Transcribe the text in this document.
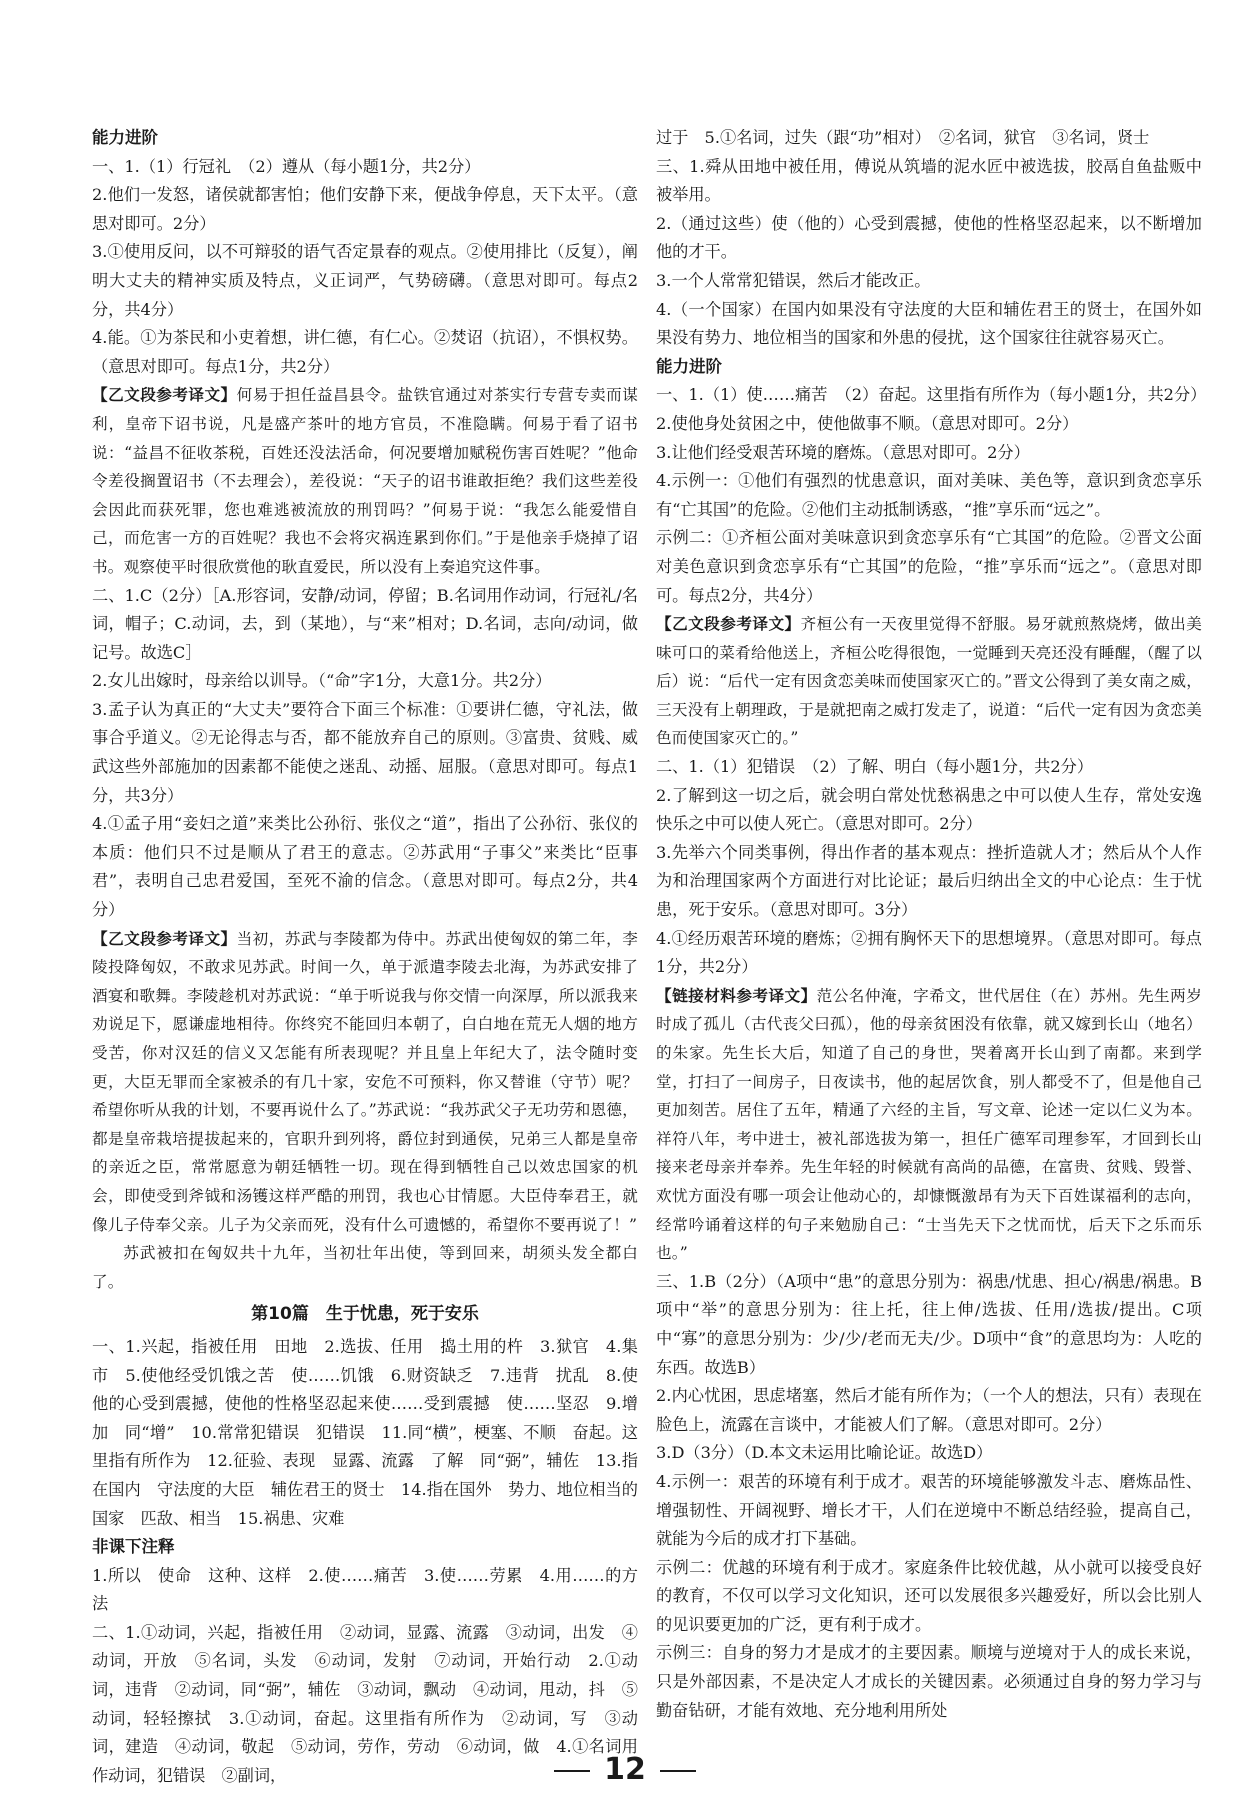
能力进阶

一、1.（1）行冠礼　（2）遵从（每小题1分，共2分）

2.他们一发怒，诸侯就都害怕；他们安静下来，便战争停息，天下太平。（意思对即可。2分）

3.①使用反问，以不可辩驳的语气否定景春的观点。②使用排比（反复），阐明大丈夫的精神实质及特点，义正词严，气势磅礴。（意思对即可。每点2分，共4分）

4.能。①为茶民和小吏着想，讲仁德，有仁心。②焚诏（抗诏），不惧权势。（意思对即可。每点1分，共2分）

【乙文段参考译文】何易于担任益昌县令。盐铁官通过对茶实行专营专卖而谋利，皇帝下诏书说，凡是盛产茶叶的地方官员，不准隐瞒。何易于看了诏书说：“益昌不征收茶税，百姓还没法活命，何况要增加赋税伤害百姓呢？”他命令差役搁置诏书（不去理会），差役说：“天子的诏书谁敢拒绝？我们这些差役会因此而获死罪，您也难逃被流放的刑罚吗？”何易于说：“我怎么能爱惜自己，而危害一方的百姓呢？我也不会将灾祸连累到你们。”于是他亲手烧掉了诏书。观察使平时很欣赏他的耿直爱民，所以没有上奏追究这件事。

二、1.C（2分）［A.形容词，安静/动词，停留；B.名词用作动词，行冠礼/名词，帽子；C.动词，去，到（某地），与“来”相对；D.名词，志向/动词，做记号。故选C］

2.女儿出嫁时，母亲给以训导。（“命”字1分，大意1分。共2分）

3.孟子认为真正的“大丈夫”要符合下面三个标准：①要讲仁德，守礼法，做事合乎道义。②无论得志与否，都不能放弃自己的原则。③富贵、贫贱、威武这些外部施加的因素都不能使之迷乱、动摇、屈服。（意思对即可。每点1分，共3分）

4.①孟子用“妾妇之道”来类比公孙衍、张仪之“道”，指出了公孙衍、张仪的本质：他们只不过是顺从了君王的意志。②苏武用“子事父”来类比“臣事君”，表明自己忠君爱国，至死不渝的信念。（意思对即可。每点2分，共4分）

【乙文段参考译文】当初，苏武与李陵都为侍中。苏武出使匈奴的第二年，李陵投降匈奴，不敢求见苏武。时间一久，单于派遣李陵去北海，为苏武安排了酒宴和歌舞。李陵趁机对苏武说：“单于听说我与你交情一向深厚，所以派我来劝说足下，愿谦虚地相待。你终究不能回归本朝了，白白地在荒无人烟的地方受苦，你对汉廷的信义又怎能有所表现呢？并且皇上年纪大了，法令随时变更，大臣无罪而全家被杀的有几十家，安危不可预料，你又替谁（守节）呢？希望你听从我的计划，不要再说什么了。”苏武说：“我苏武父子无功劳和恩德，都是皇帝栽培提拔起来的，官职升到列将，爵位封到通侯，兄弟三人都是皇帝的亲近之臣，常常愿意为朝廷牺牲一切。现在得到牺牲自己以效忠国家的机会，即使受到斧钺和汤镬这样严酷的刑罚，我也心甘情愿。大臣侍奉君王，就像儿子侍奉父亲。儿子为父亲而死，没有什么可遗憾的，希望你不要再说了！”

苏武被扣在匈奴共十九年，当初壮年出使，等到回来，胡须头发全都白了。

第10篇　生于忧患，死于安乐

一、1.兴起，指被任用　田地　2.选拔、任用　捣土用的杵　3.狱官　4.集市　5.使他经受饥饿之苦　使……饥饿　6.财资缺乏　7.违背　扰乱　8.使他的心受到震撼，使他的性格坚忍起来使……受到震撼　使……坚忍　9.增加　同“增”　10.常常犯错误　犯错误　11.同“横”，梗塞、不顺　奋起。这里指有所作为　12.征验、表现　显露、流露　了解　同“弼”，辅佐　13.指在国内　守法度的大臣　辅佐君王的贤士　14.指在国外　势力、地位相当的国家　匹敌、相当　15.祸患、灾难

非课下注释

1.所以　使命　这种、这样　2.使……痛苦　3.使……劳累　4.用……的方法

二、1.①动词，兴起，指被任用　②动词，显露、流露　③动词，出发　④动词，开放　⑤名词，头发　⑥动词，发射　⑦动词，开始行动　2.①动词，违背　②动词，同“弼”，辅佐　③动词，飘动　④动词，甩动，抖　⑤动词，轻轻擦拭　3.①动词，奋起。这里指有所作为　②动词，写　③动词，建造　④动词，敬起　⑤动词，劳作，劳动　⑥动词，做　4.①名词用作动词，犯错误　②副词，

过于　5.①名词，过失（跟“功”相对）　②名词，狱官　③名词，贤士

三、1.舜从田地中被任用，傅说从筑墙的泥水匠中被选拔，胶鬲自鱼盐贩中被举用。

2.（通过这些）使（他的）心受到震撼，使他的性格坚忍起来，以不断增加他的才干。

3.一个人常常犯错误，然后才能改正。

4.（一个国家）在国内如果没有守法度的大臣和辅佐君王的贤士，在国外如果没有势力、地位相当的国家和外患的侵扰，这个国家往往就容易灭亡。

能力进阶

一、1.（1）使……痛苦　（2）奋起。这里指有所作为（每小题1分，共2分）

2.使他身处贫困之中，使他做事不顺。（意思对即可。2分）

3.让他们经受艰苦环境的磨炼。（意思对即可。2分）

4.示例一：①他们有强烈的忧患意识，面对美味、美色等，意识到贪恋享乐有“亡其国”的危险。②他们主动抵制诱惑，“推”享乐而“远之”。

示例二：①齐桓公面对美味意识到贪恋享乐有“亡其国”的危险。②晋文公面对美色意识到贪恋享乐有“亡其国”的危险，“推”享乐而“远之”。（意思对即可。每点2分，共4分）

【乙文段参考译文】齐桓公有一天夜里觉得不舒服。易牙就煎熬烧烤，做出美味可口的菜肴给他送上，齐桓公吃得很饱，一觉睡到天亮还没有睡醒，（醒了以后）说：“后代一定有因贪恋美味而使国家灭亡的。”晋文公得到了美女南之威，三天没有上朝理政，于是就把南之威打发走了，说道：“后代一定有因为贪恋美色而使国家灭亡的。”

二、1.（1）犯错误　（2）了解、明白（每小题1分，共2分）

2.了解到这一切之后，就会明白常处忧愁祸患之中可以使人生存，常处安逸快乐之中可以使人死亡。（意思对即可。2分）

3.先举六个同类事例，得出作者的基本观点：挫折造就人才；然后从个人作为和治理国家两个方面进行对比论证；最后归纳出全文的中心论点：生于忧患，死于安乐。（意思对即可。3分）

4.①经历艰苦环境的磨炼；②拥有胸怀天下的思想境界。（意思对即可。每点1分，共2分）

【链接材料参考译文】范公名仲淹，字希文，世代居住（在）苏州。先生两岁时成了孤儿（古代丧父曰孤），他的母亲贫困没有依靠，就又嫁到长山（地名）的朱家。先生长大后，知道了自己的身世，哭着离开长山到了南都。来到学堂，打扫了一间房子，日夜读书，他的起居饮食，别人都受不了，但是他自己更加刻苦。居住了五年，精通了六经的主旨，写文章、论述一定以仁义为本。祥符八年，考中进士，被礼部选拔为第一，担任广德军司理参军，才回到长山接来老母亲并奉养。先生年轻的时候就有高尚的品德，在富贵、贫贱、毁誉、欢忧方面没有哪一项会让他动心的，却慷慨激昂有为天下百姓谋福利的志向，经常吟诵着这样的句子来勉励自己：“士当先天下之忧而忧，后天下之乐而乐也。”

三、1.B（2分）（A项中“患”的意思分别为：祸患/忧患、担心/祸患/祸患。B项中“举”的意思分别为：往上托，往上伸/选拔、任用/选拔/提出。C项中“寡”的意思分别为：少/少/老而无夫/少。D项中“食”的意思均为：人吃的东西。故选B）

2.内心忧困，思虑堵塞，然后才能有所作为；（一个人的想法，只有）表现在脸色上，流露在言谈中，才能被人们了解。（意思对即可。2分）

3.D（3分）（D.本文未运用比喻论证。故选D）

4.示例一：艰苦的环境有利于成才。艰苦的环境能够激发斗志、磨炼品性、增强韧性、开阔视野、增长才干，人们在逆境中不断总结经验，提高自己，就能为今后的成才打下基础。

示例二：优越的环境有利于成才。家庭条件比较优越，从小就可以接受良好的教育，不仅可以学习文化知识，还可以发展很多兴趣爱好，所以会比别人的见识要更加的广泛，更有利于成才。

示例三：自身的努力才是成才的主要因素。顺境与逆境对于人的成长来说，只是外部因素，不是决定人才成长的关键因素。必须通过自身的努力学习与勤奋钻研，才能有效地、充分地利用所处

12
